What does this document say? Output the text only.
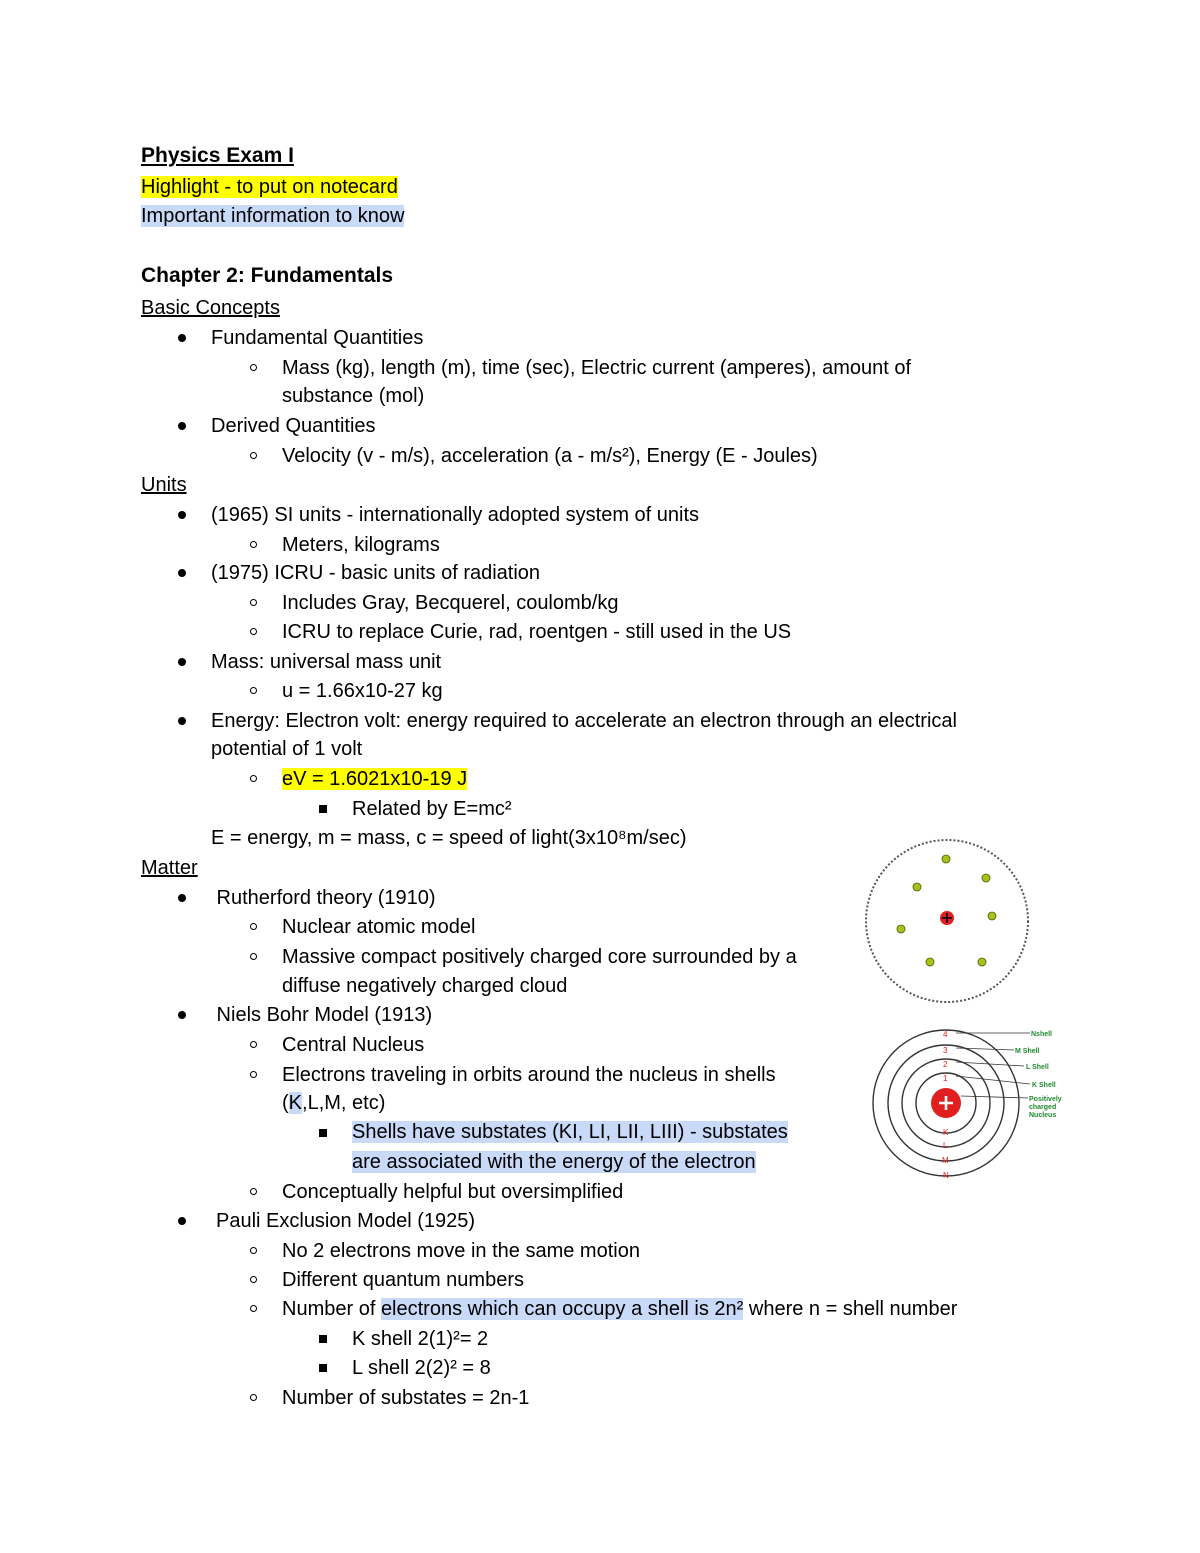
Physics Exam I
Highlight - to put on notecard
Important information to know
Chapter 2: Fundamentals
Basic Concepts
Fundamental Quantities
Mass (kg), length (m), time (sec), Electric current (amperes), amount of
substance (mol)
Derived Quantities
Velocity (v - m/s), acceleration (a - m/s²), Energy (E - Joules)
Units
(1965) SI units - internationally adopted system of units
Meters, kilograms
(1975) ICRU - basic units of radiation
Includes Gray, Becquerel, coulomb/kg
ICRU to replace Curie, rad, roentgen - still used in the US
Mass: universal mass unit
u = 1.66x10-27 kg
Energy: Electron volt: energy required to accelerate an electron through an electrical
potential of 1 volt
eV = 1.6021x10-19 J
Related by E=mc²
E = energy, m = mass, c = speed of light(3x10⁸m/sec)
Matter
Rutherford theory (1910)
Nuclear atomic model
Massive compact positively charged core surrounded by a
diffuse negatively charged cloud
Niels Bohr Model (1913)
Central Nucleus
Electrons traveling in orbits around the nucleus in shells
(K,L,M, etc)
Shells have substates (KI, LI, LII, LIII) - substates
are associated with the energy of the electron
Conceptually helpful but oversimplified
Pauli Exclusion Model (1925)
No 2 electrons move in the same motion
Different quantum numbers
Number of electrons which can occupy a shell is 2n² where n = shell number
K shell 2(1)²= 2
L shell 2(2)² = 8
Number of substates = 2n-1
4
3
2
1
K
L
M
N
Nshell
M Shell
L Shell
K Shell
Positively
charged
Nucleus
